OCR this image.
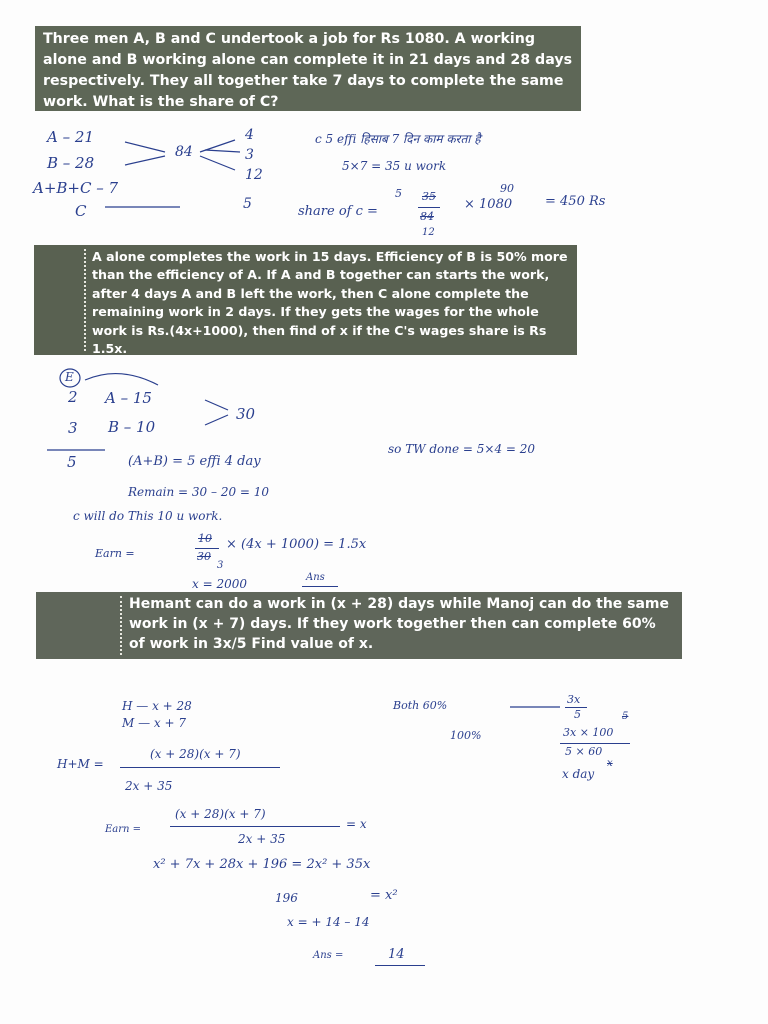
Three men A, B and C undertook a job for Rs 1080. A working alone and B working alone can complete it in 21 days and 28 days respectively. They all together take 7 days to complete the same work. What is the share of C?

A alone completes the work in 15 days. Efficiency of B is 50% more than the efficiency of A. If A and B together can starts the work, after 4 days A and B left the work, then C alone complete the remaining work in 2 days. If they gets the wages for the whole work is Rs.(4x+1000), then find of x if the C's wages share is Rs 1.5x.

Hemant can do a work in (x + 28) days while Manoj can do the same work in (x + 7) days. If they work together then can complete 60% of work in 3x/5 Find value of x.

A – 21
B – 28
A+B+C – 7
C
84
4
3
12
5
c 5 effi हिसाब 7 दिन काम करता है
5×7 = 35 u work
share of c =
5 35
84
12
90
× 1080	= 450 Rs
E
2
3
5
A – 15
B – 10
30
(A+B) = 5 effi 4 day
so TW done = 5×4 = 20
Remain = 30 – 20 = 10
c will do This 10 u work.
Earn =
10
30
3
× (4x + 1000) = 1.5x
x = 2000	Ans
H — x + 28
M — x + 7
Both 60%	3x
5	5
100%	3x × 100
5 × 60
x
x day
H+M =
(x + 28)(x + 7)
2x + 35
Earn =
(x + 28)(x + 7)
2x + 35
= x
x² + 7x + 28x + 196 = 2x² + 35x
196	= x²
x = + 14 – 14
Ans =	14
